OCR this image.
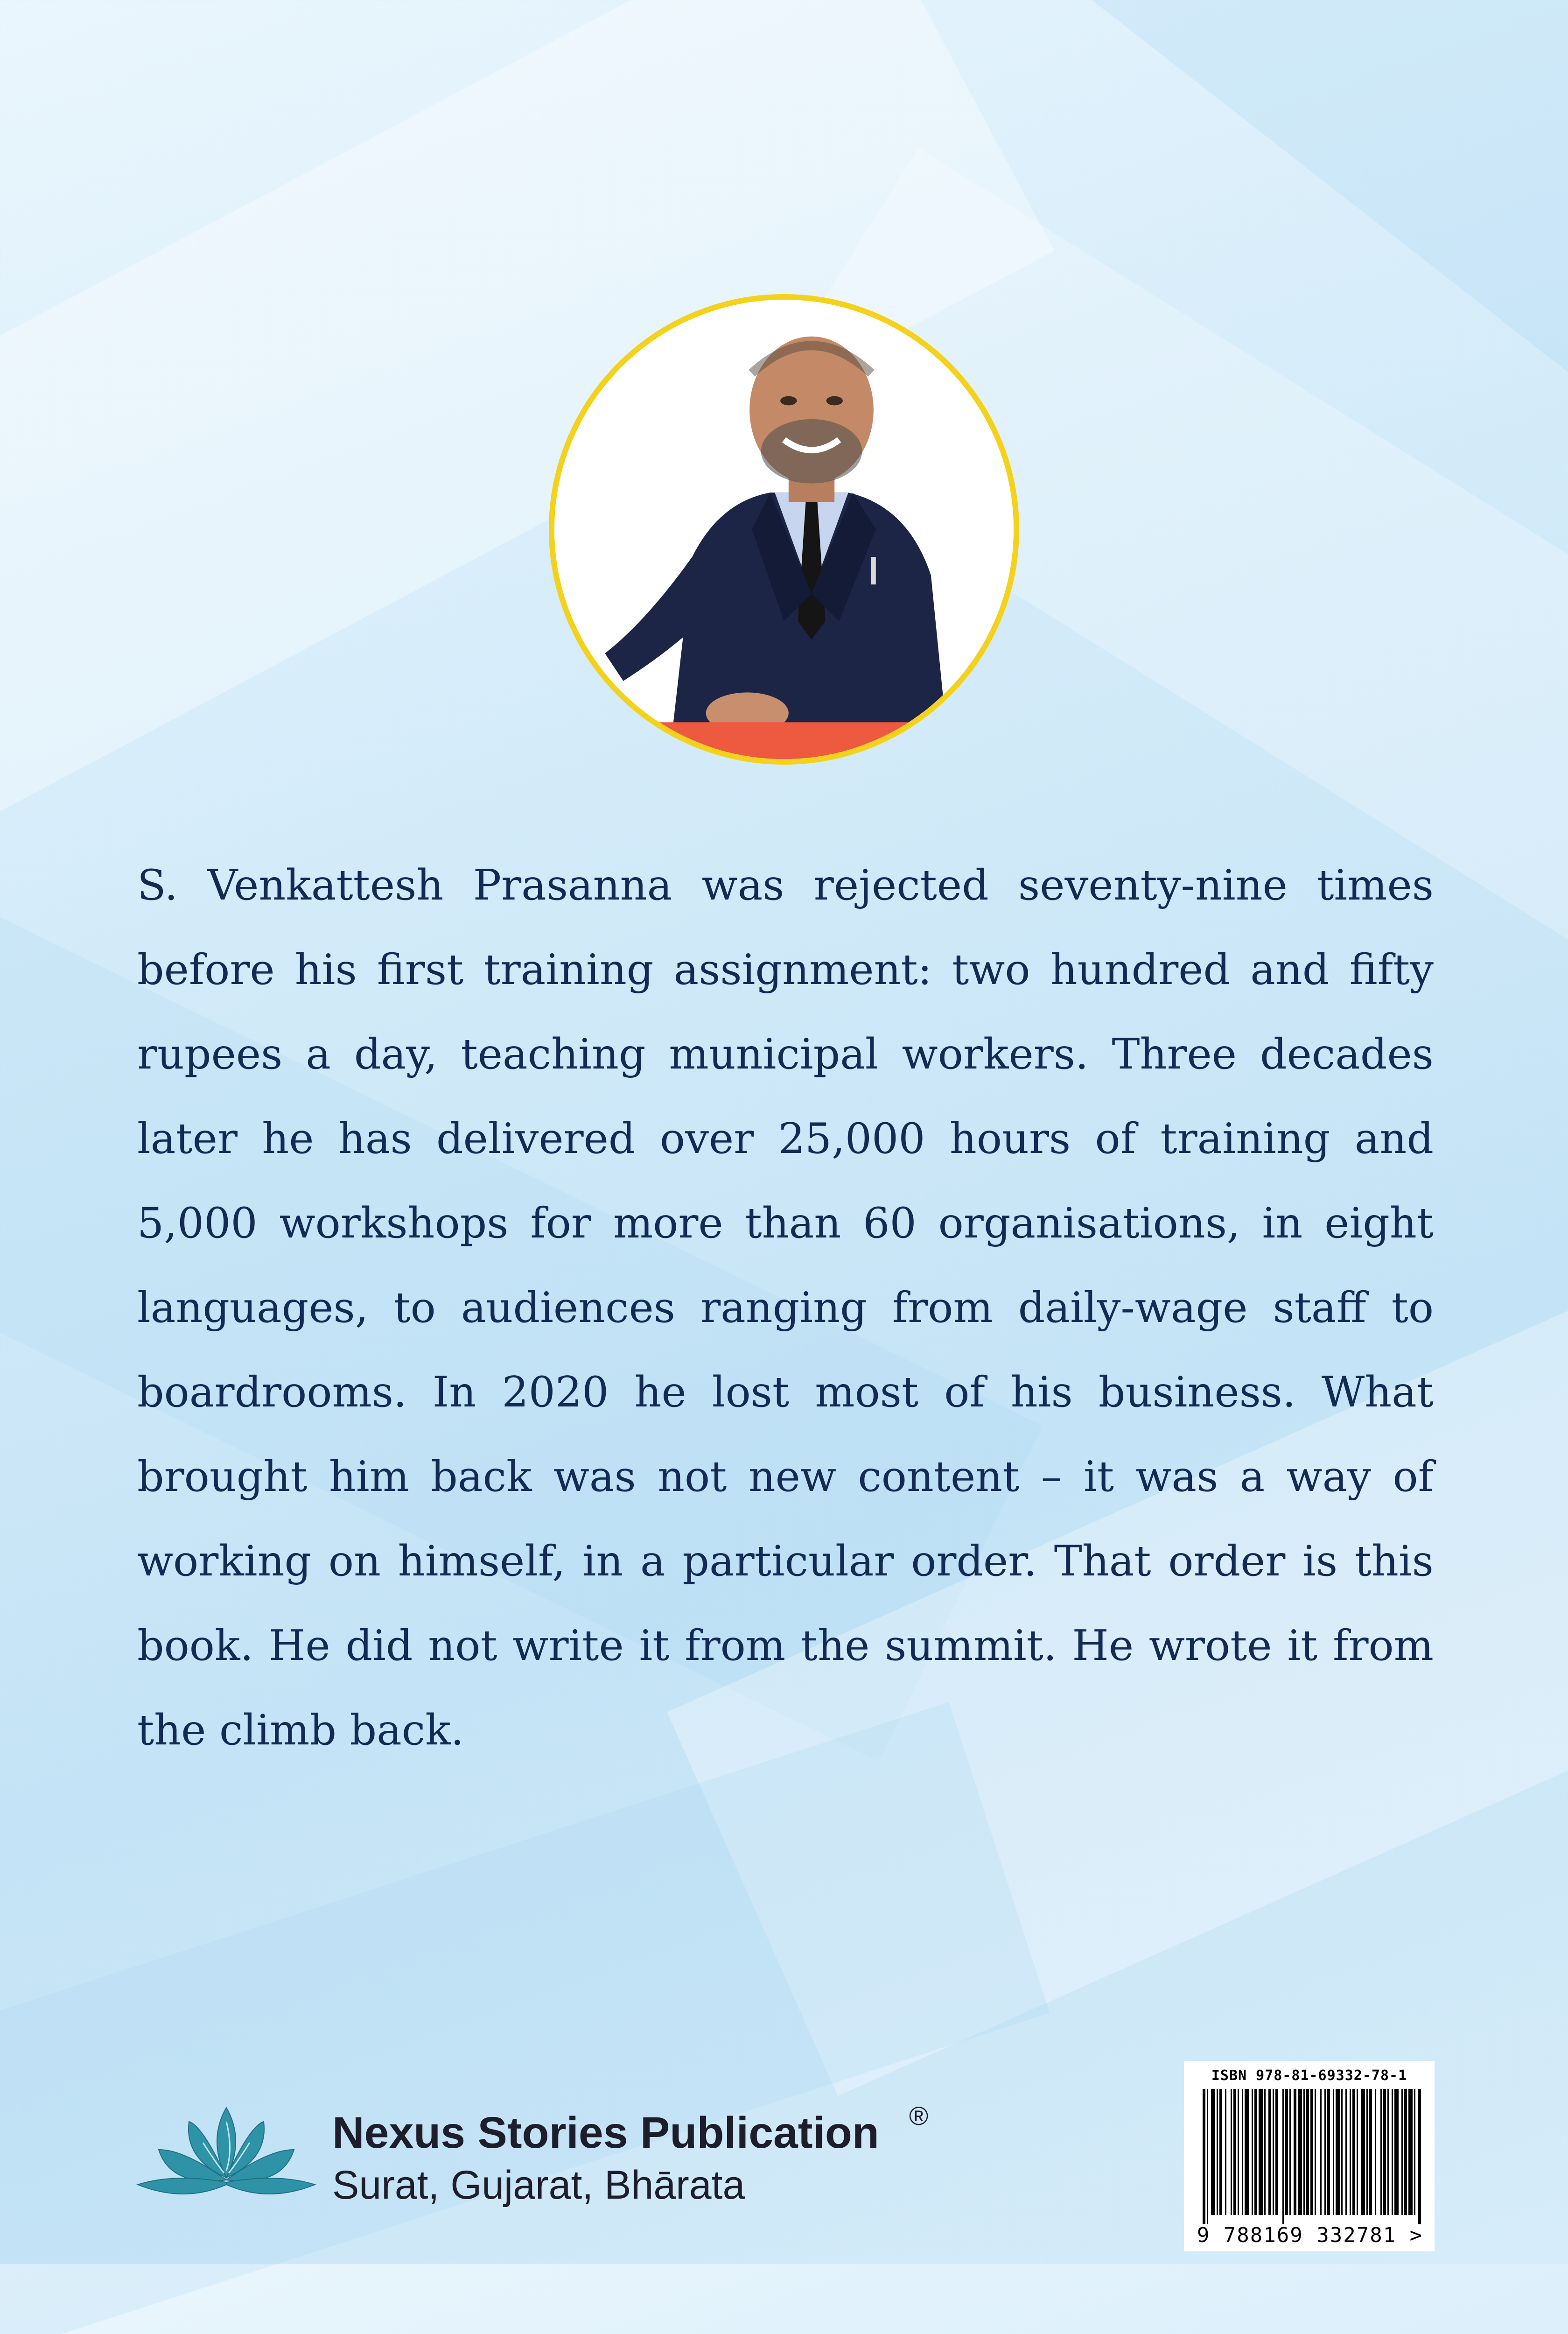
S. Venkattesh Prasanna was rejected seventy-nine times before his first training assignment: two hundred and fifty rupees a day, teaching municipal workers. Three decades later he has delivered over 25,000 hours of training and 5,000 workshops for more than 60 organisations, in eight languages, to audiences ranging from daily-wage staff to boardrooms. In 2020 he lost most of his business. What brought him back was not new content – it was a way of working on himself, in a particular order. That order is this book. He did not write it from the summit. He wrote it from the climb back.

Nexus Stories Publication ®

Surat, Gujarat, Bhārata

ISBN 978-81-69332-78-1
9 788169 332781 >
